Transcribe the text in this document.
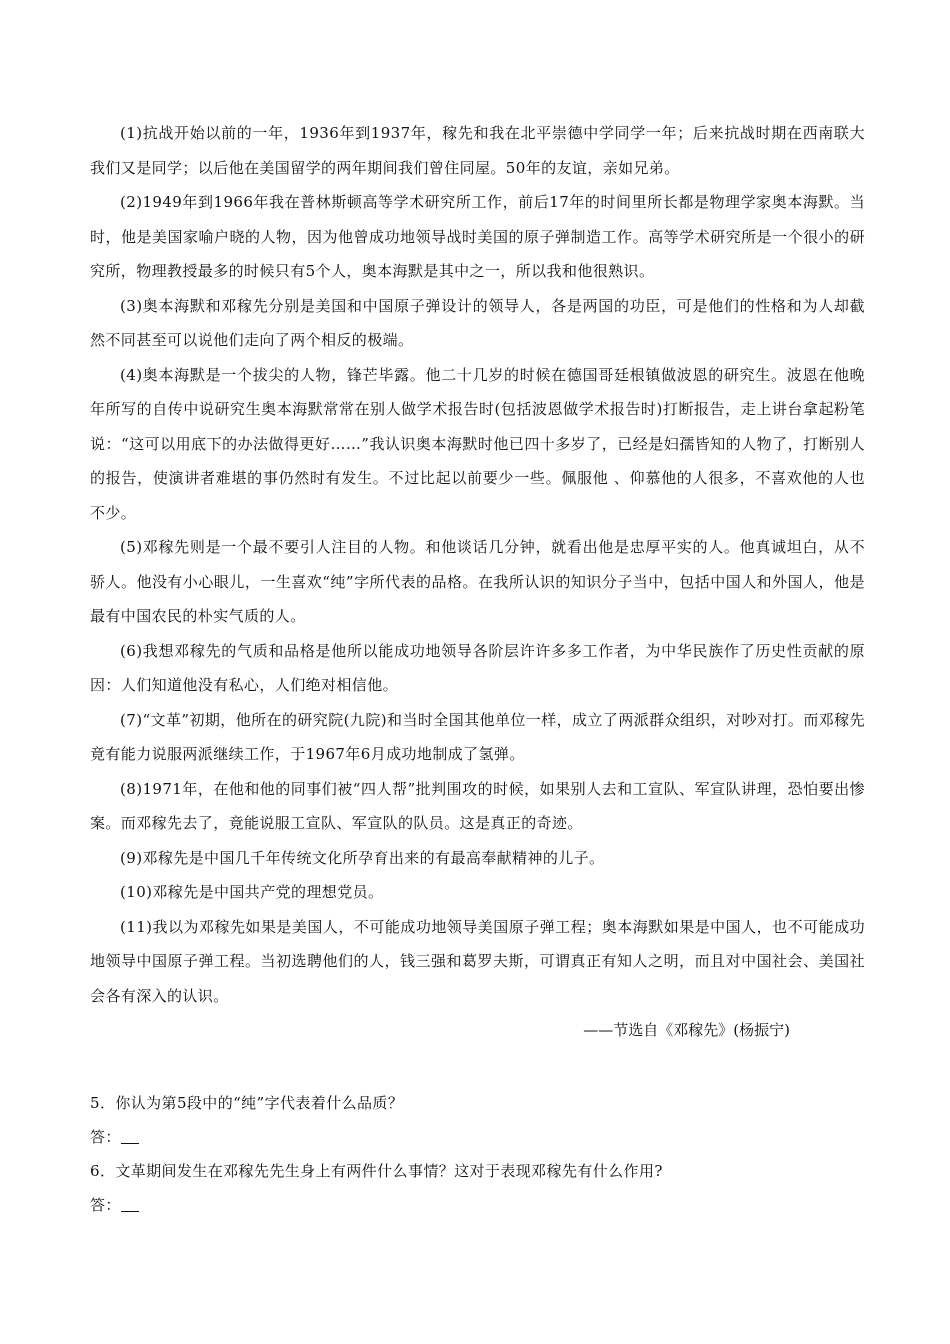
(1)抗战开始以前的一年，1936年到1937年，稼先和我在北平崇德中学同学一年；后来抗战时期在西南联大我们又是同学；以后他在美国留学的两年期间我们曾住同屋。50年的友谊，亲如兄弟。

(2)1949年到1966年我在普林斯顿高等学术研究所工作，前后17年的时间里所长都是物理学家奥本海默。当时，他是美国家喻户晓的人物，因为他曾成功地领导战时美国的原子弹制造工作。高等学术研究所是一个很小的研究所，物理教授最多的时候只有5个人，奥本海默是其中之一，所以我和他很熟识。

(3)奥本海默和邓稼先分别是美国和中国原子弹设计的领导人，各是两国的功臣，可是他们的性格和为人却截然不同甚至可以说他们走向了两个相反的极端。

(4)奥本海默是一个拔尖的人物，锋芒毕露。他二十几岁的时候在德国哥廷根镇做波恩的研究生。波恩在他晚年所写的自传中说研究生奥本海默常常在别人做学术报告时(包括波恩做学术报告时)打断报告，走上讲台拿起粉笔说：“这可以用底下的办法做得更好……”我认识奥本海默时他已四十多岁了，已经是妇孺皆知的人物了，打断别人的报告，使演讲者难堪的事仍然时有发生。不过比起以前要少一些。佩服他 、仰慕他的人很多，不喜欢他的人也不少。

(5)邓稼先则是一个最不要引人注目的人物。和他谈话几分钟，就看出他是忠厚平实的人。他真诚坦白，从不骄人。他没有小心眼儿，一生喜欢“纯”字所代表的品格。在我所认识的知识分子当中，包括中国人和外国人，他是最有中国农民的朴实气质的人。

(6)我想邓稼先的气质和品格是他所以能成功地领导各阶层许许多多工作者，为中华民族作了历史性贡献的原因：人们知道他没有私心，人们绝对相信他。

(7)“文革”初期，他所在的研究院(九院)和当时全国其他单位一样，成立了两派群众组织，对吵对打。而邓稼先竟有能力说服两派继续工作，于1967年6月成功地制成了氢弹。

(8)1971年，在他和他的同事们被“四人帮”批判围攻的时候，如果别人去和工宣队、军宣队讲理，恐怕要出惨案。而邓稼先去了，竟能说服工宣队、军宣队的队员。这是真正的奇迹。

(9)邓稼先是中国几千年传统文化所孕育出来的有最高奉献精神的儿子。

(10)邓稼先是中国共产党的理想党员。

(11)我以为邓稼先如果是美国人，不可能成功地领导美国原子弹工程；奥本海默如果是中国人，也不可能成功地领导中国原子弹工程。当初选聘他们的人，钱三强和葛罗夫斯，可谓真正有知人之明，而且对中国社会、美国社会各有深入的认识。

——节选自《邓稼先》(杨振宁)

5．你认为第5段中的“纯”字代表着什么品质？

答：

6．文革期间发生在邓稼先先生身上有两件什么事情？这对于表现邓稼先有什么作用?

答：
